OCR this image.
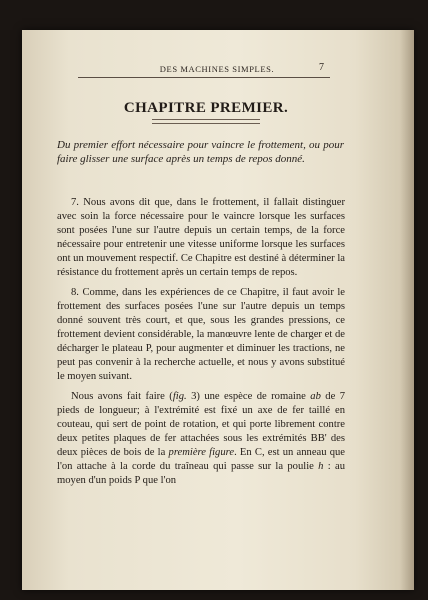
DES MACHINES SIMPLES.	7
CHAPITRE PREMIER.
Du premier effort nécessaire pour vaincre le frottement, ou pour faire glisser une surface après un temps de repos donné.

7. Nous avons dit que, dans le frottement, il fallait distinguer avec soin la force nécessaire pour le vaincre lorsque les surfaces sont posées l'une sur l'autre depuis un certain temps, de la force nécessaire pour entretenir une vitesse uniforme lorsque les surfaces ont un mouvement respectif. Ce Chapitre est destiné à déterminer la résistance du frottement après un certain temps de repos.

8. Comme, dans les expériences de ce Chapitre, il faut avoir le frottement des surfaces posées l'une sur l'autre depuis un temps donné souvent très court, et que, sous les grandes pressions, ce frottement devient considérable, la manœuvre lente de charger et de décharger le plateau P, pour augmenter et diminuer les tractions, ne peut pas convenir à la recherche actuelle, et nous y avons substitué le moyen suivant.

Nous avons fait faire (fig. 3) une espèce de romaine ab de 7 pieds de longueur; à l'extrémité est fixé un axe de fer taillé en couteau, qui sert de point de rotation, et qui porte librement contre deux petites plaques de fer attachées sous les extrémités BB' des deux pièces de bois de la première figure. En C, est un anneau que l'on attache à la corde du traîneau qui passe sur la poulie h : au moyen d'un poids P que l'on
